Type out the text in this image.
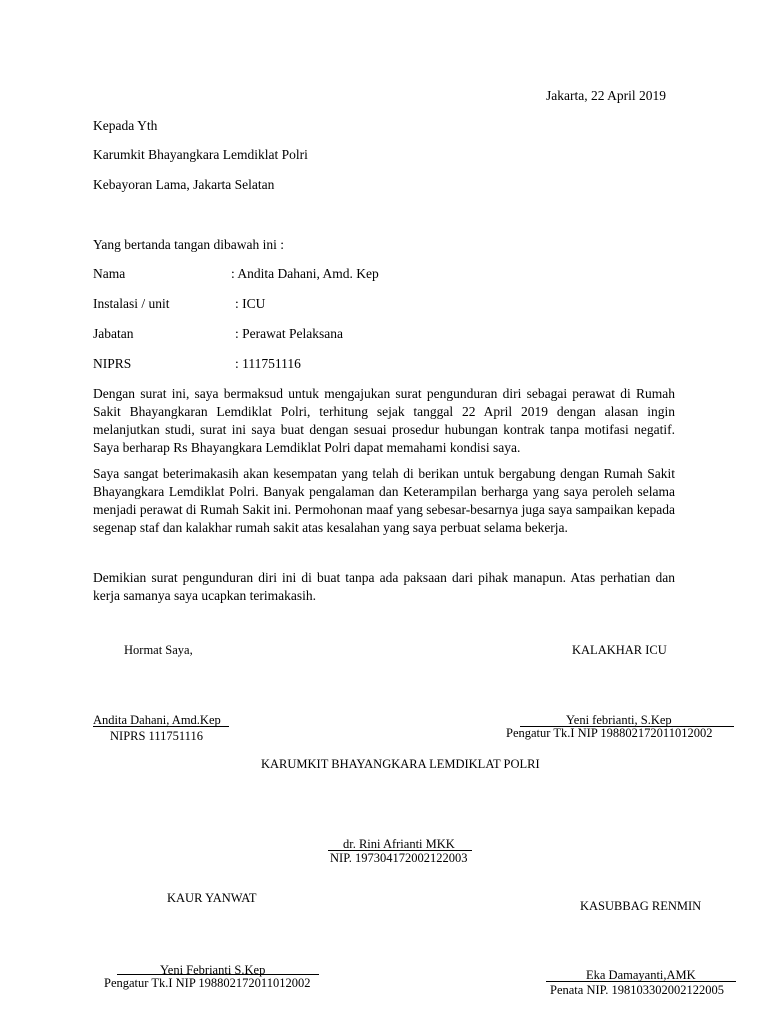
Jakarta, 22 April 2019
Kepada Yth
Karumkit Bhayangkara Lemdiklat Polri
Kebayoran Lama, Jakarta Selatan
Yang bertanda tangan dibawah ini :
Nama	: Andita Dahani, Amd. Kep
Instalasi / unit	: ICU
Jabatan	: Perawat Pelaksana
NIPRS	: 111751116
Dengan surat ini, saya bermaksud untuk mengajukan surat pengunduran diri sebagai perawat di Rumah Sakit Bhayangkaran Lemdiklat Polri, terhitung sejak tanggal 22 April 2019 dengan alasan ingin melanjutkan studi, surat ini saya buat dengan sesuai prosedur hubungan kontrak tanpa motifasi negatif. Saya berharap Rs Bhayangkara Lemdiklat Polri dapat memahami kondisi saya.
Saya sangat beterimakasih akan kesempatan yang telah di berikan untuk bergabung dengan Rumah Sakit Bhayangkara Lemdiklat Polri. Banyak pengalaman dan Keterampilan berharga yang saya peroleh selama menjadi perawat di Rumah Sakit ini. Permohonan maaf yang sebesar-besarnya juga saya sampaikan kepada segenap staf dan kalakhar rumah sakit atas kesalahan yang saya perbuat selama bekerja.
Demikian surat pengunduran diri ini di buat tanpa ada paksaan dari pihak manapun. Atas perhatian dan kerja samanya saya ucapkan terimakasih.
Hormat Saya,
Andita Dahani, Amd.Kep
NIPRS 111751116
KALAKHAR ICU
Yeni febrianti, S.Kep
Pengatur Tk.I NIP 198802172011012002
KARUMKIT BHAYANGKARA LEMDIKLAT POLRI
dr. Rini Afrianti MKK
NIP. 197304172002122003
KAUR YANWAT
Yeni Febrianti S.Kep
Pengatur Tk.I NIP 198802172011012002
KASUBBAG RENMIN
Eka Damayanti,AMK
Penata NIP. 198103302002122005
